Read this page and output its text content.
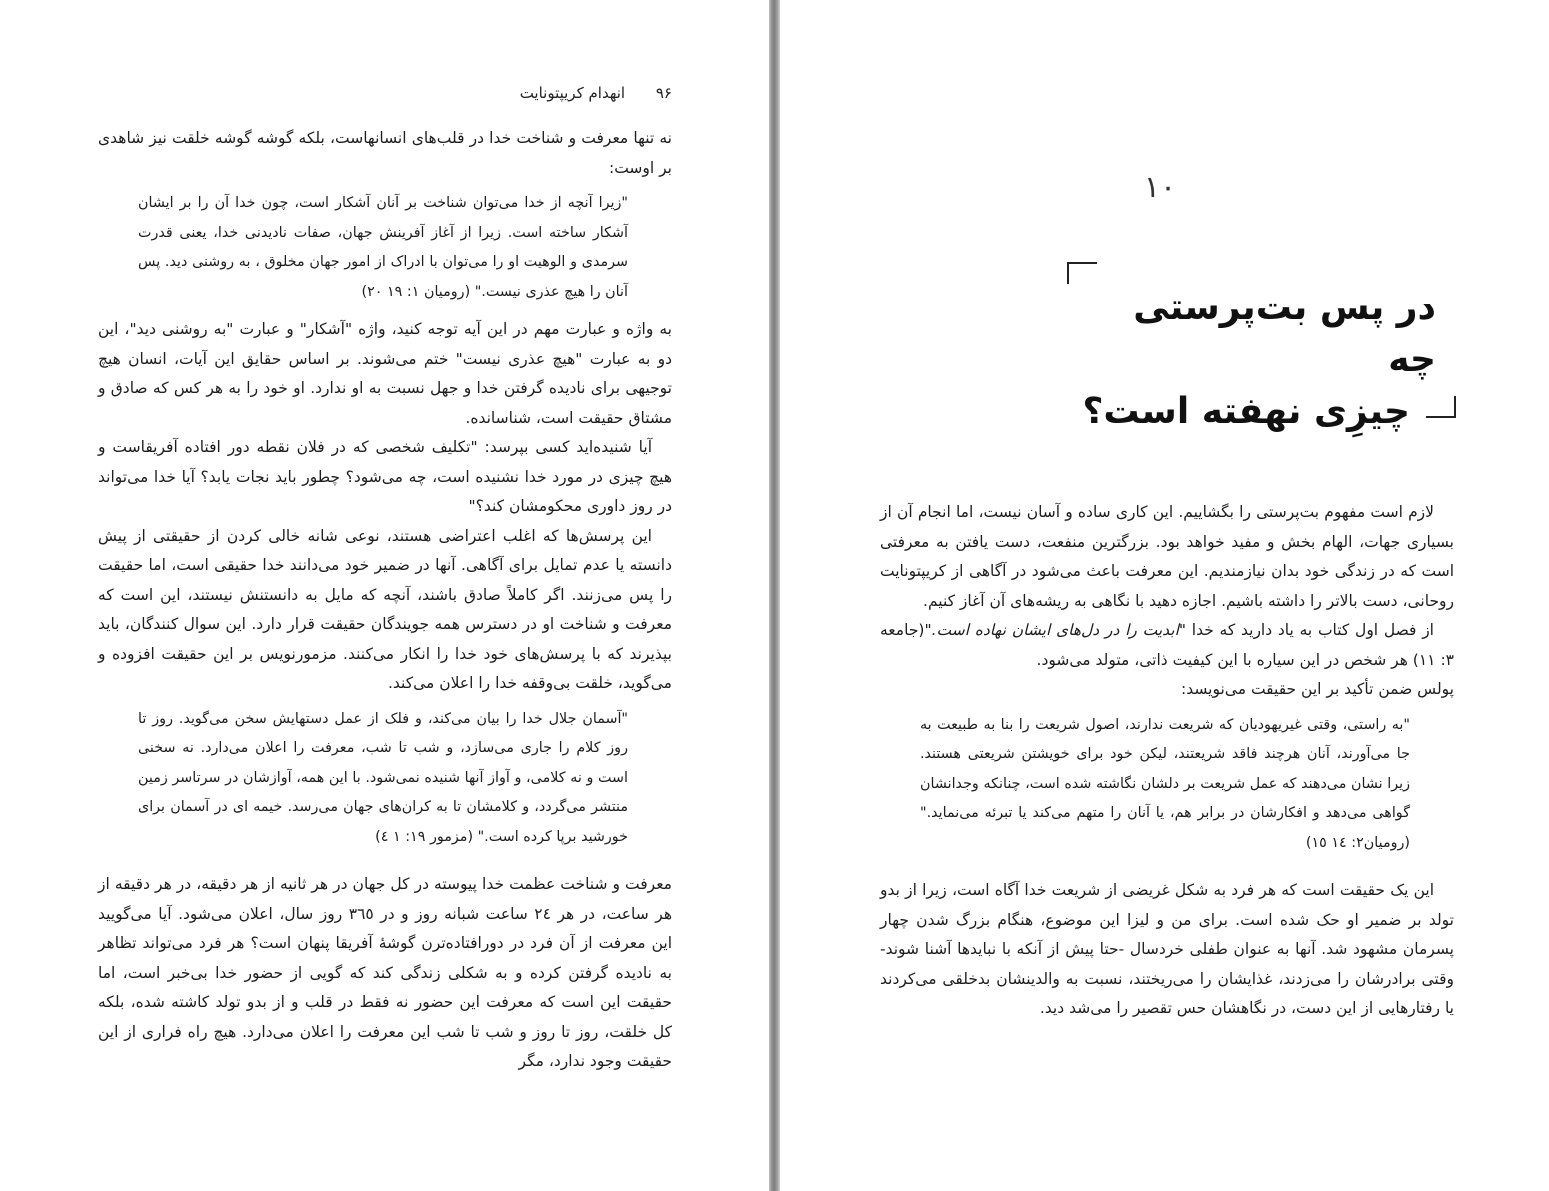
۹۶ انهدام کریپتونایت

نه تنها معرفت و شناخت خدا در قلب‌های انسانهاست، بلکه گوشه گوشه خلقت نیز شاهدی بر اوست:

"زیرا آنچه از خدا می‌توان شناخت بر آنان آشکار است، چون خدا آن را بر ایشان آشکار ساخته است. زیرا از آغاز آفرینش جهان، صفات نادیدنی خدا، یعنی قدرت سرمدی و الوهیت او را می‌توان با ادراک از امور جهان مخلوق ، به روشنی دید. پس آنان را هیچ عذری نیست." (رومیان ۱: ۱۹ ۲۰)

به واژه و عبارت مهم در این آیه توجه کنید، واژه "آشکار" و عبارت "به روشنی دید"، این دو به عبارت "هیچ عذری نیست" ختم می‌شوند. بر اساس حقایق این آیات، انسان هیچ توجیهی برای نادیده گرفتن خدا و جهل نسبت به او ندارد. او خود را به هر کس که صادق و مشتاق حقیقت است، شناسانده.

آیا شنیده‌اید کسی بپرسد: "تکلیف شخصی که در فلان نقطه دور افتاده آفریقاست و هیچ چیزی در مورد خدا نشنیده است، چه می‌شود؟ چطور باید نجات یابد؟ آیا خدا می‌تواند در روز داوری محکومشان کند؟"

این پرسش‌ها که اغلب اعتراضی هستند، نوعی شانه خالی کردن از حقیقتی از پیش دانسته یا عدم تمایل برای آگاهی. آنها در ضمیر خود می‌دانند خدا حقیقی است، اما حقیقت را پس می‌زنند. اگر کاملاً صادق باشند، آنچه که مایل به دانستنش نیستند، این است که معرفت و شناخت او در دسترس همه جویندگان حقیقت قرار دارد. این سوال کنندگان، باید بپذیرند که با پرسش‌های خود خدا را انکار می‌کنند. مزمورنویس بر این حقیقت افزوده و می‌گوید، خلقت بی‌وقفه خدا را اعلان می‌کند.

"آسمان جلال خدا را بیان می‌کند، و فلک از عمل دستهایش سخن می‌گوید. روز تا روز کلام را جاری می‌سازد، و شب تا شب، معرفت را اعلان می‌دارد. نه سخنی است و نه کلامی، و آواز آنها شنیده نمی‌شود. با این همه، آوازشان در سرتاسر زمین منتشر می‌گردد، و کلامشان تا به کران‌های جهان می‌رسد. خیمه ای در آسمان برای خورشید برپا کرده است." (مزمور ۱۹: ۱ ٤)

معرفت و شناخت عظمت خدا پیوسته در کل جهان در هر ثانیه از هر دقیقه، در هر دقیقه از هر ساعت، در هر ۲٤ ساعت شبانه روز و در ۳٦٥ روز سال، اعلان می‌شود. آیا می‌گویید این معرفت از آن فرد در دورافتاده‌ترن گوشهٔ آفریقا پنهان است؟ هر فرد می‌تواند تظاهر به نادیده گرفتن کرده و به شکلی زندگی کند که گویی از حضور خدا بی‌خبر است، اما حقیقت این است که معرفت این حضور نه فقط در قلب و از بدو تولد کاشته شده، بلکه کل خلقت، روز تا روز و شب تا شب این معرفت را اعلان می‌دارد. هیچ راه فراری از این حقیقت وجود ندارد، مگر

۱۰
در پس بت‌پرستی چه
چیزِی نهفته است؟

لازم است مفهوم بت‌پرستی را بگشاییم. این کاری ساده و آسان نیست، اما انجام آن از بسیاری جهات، الهام بخش و مفید خواهد بود. بزرگترین منفعت، دست یافتن به معرفتی است که در زندگی خود بدان نیازمندیم. این معرفت باعث می‌شود در آگاهی از کریپتونایت روحانی، دست بالاتر را داشته باشیم. اجازه دهید با نگاهی به ریشه‌های آن آغاز کنیم.

از فصل اول کتاب به یاد دارید که خدا "ابدیت را در دل‌های ایشان نهاده است."(جامعه ۳: ۱۱) هر شخص در این سیاره با این کیفیت ذاتی، متولد می‌شود.

پولس ضمن تأکید بر این حقیقت می‌نویسد:

"به راستی، وقتی غیریهودیان که شریعت ندارند، اصول شریعت را بنا به طبیعت به جا می‌آورند، آنان هرچند فاقد شریعتند، لیکن خود برای خویشتن شریعتی هستند. زیرا نشان می‌دهند که عمل شریعت بر دلشان نگاشته شده است، چنانکه وجدانشان گواهی می‌دهد و افکارشان در برابر هم، یا آنان را متهم می‌کند یا تبرئه می‌نماید." (رومیان۲: ۱٤ ۱٥)

این یک حقیقت است که هر فرد به شکل غریضی از شریعت خدا آگاه است، زیرا از بدو تولد بر ضمیر او حک شده است. برای من و لیزا این موضوع، هنگام بزرگ شدن چهار پسرمان مشهود شد. آنها به عنوان طفلی خردسال -حتا پیش از آنکه با نبایدها آشنا شوند- وقتی برادرشان را می‌زدند، غذایشان را می‌ریختند، نسبت به والدینشان بدخلقی می‌کردند یا رفتارهایی از این دست، در نگاهشان حس تقصیر را می‌شد دید.
